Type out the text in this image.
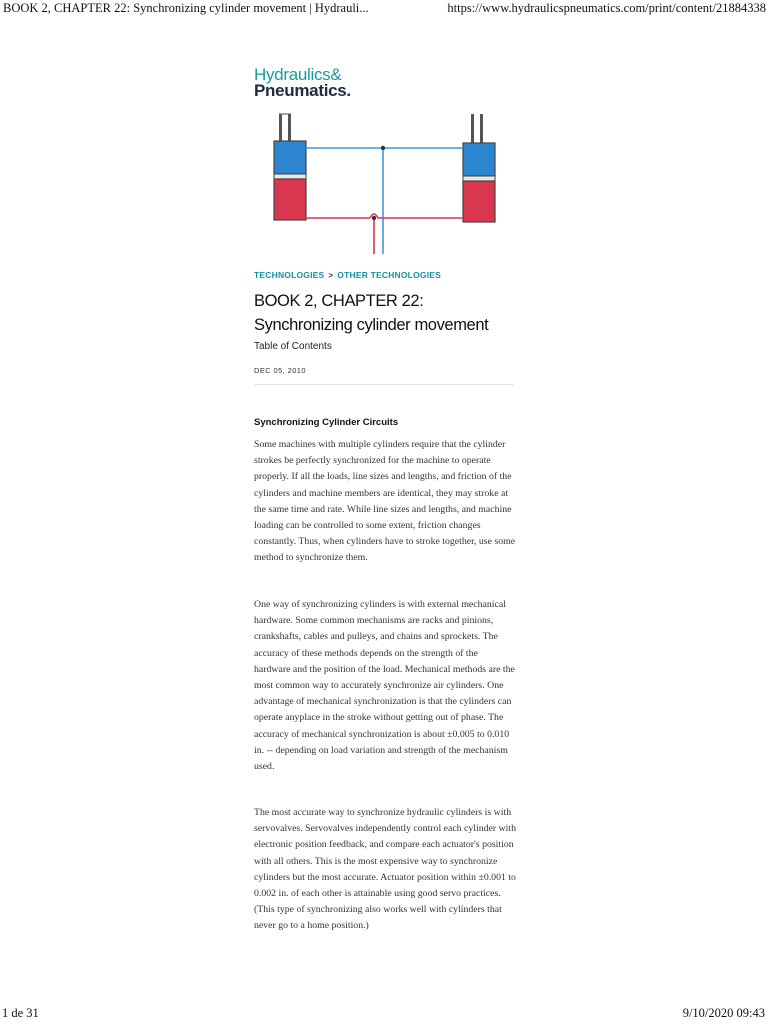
BOOK 2, CHAPTER 22: Synchronizing cylinder movement | Hydrauli...	https://www.hydraulicspneumatics.com/print/content/21884338
Hydraulics&
Pneumatics.
TECHNOLOGIES > OTHER TECHNOLOGIES
BOOK 2, CHAPTER 22: Synchronizing cylinder movement
Table of Contents
DEC 05, 2010
Synchronizing Cylinder Circuits

Some machines with multiple cylinders require that the cylinder strokes be perfectly synchronized for the machine to operate properly. If all the loads, line sizes and lengths, and friction of the cylinders and machine members are identical, they may stroke at the same time and rate. While line sizes and lengths, and machine loading can be controlled to some extent, friction changes constantly. Thus, when cylinders have to stroke together, use some method to synchronize them.

One way of synchronizing cylinders is with external mechanical hardware. Some common mechanisms are racks and pinions, crankshafts, cables and pulleys, and chains and sprockets. The accuracy of these methods depends on the strength of the hardware and the position of the load. Mechanical methods are the most common way to accurately synchronize air cylinders. One advantage of mechanical synchronization is that the cylinders can operate anyplace in the stroke without getting out of phase. The accuracy of mechanical synchronization is about ±0.005 to 0.010 in. -- depending on load variation and strength of the mechanism used.

The most accurate way to synchronize hydraulic cylinders is with servovalves. Servovalves independently control each cylinder with electronic position feedback, and compare each actuator's position with all others. This is the most expensive way to synchronize cylinders but the most accurate. Actuator position within ±0.001 to 0.002 in. of each other is attainable using good servo practices. (This type of synchronizing also works well with cylinders that never go to a home position.)

1 de 31	9/10/2020 09:43
